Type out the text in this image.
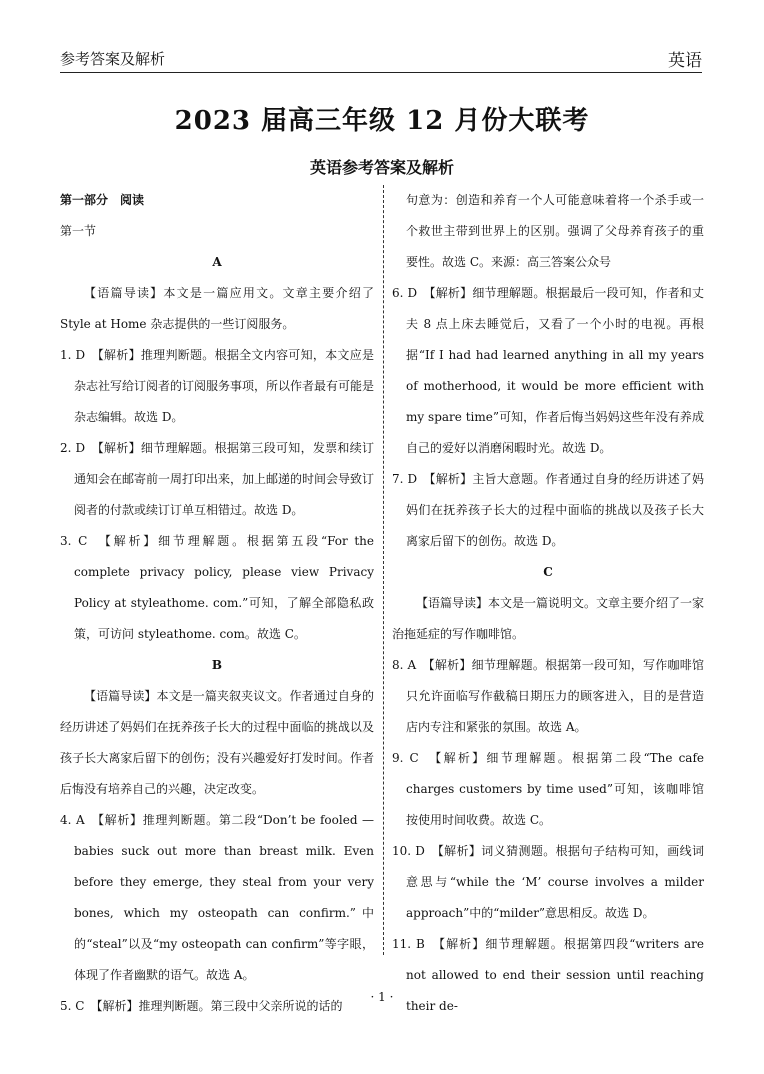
参考答案及解析	英语
2023 届高三年级 12 月份大联考
英语参考答案及解析

第一部分　阅读

第一节

A

【语篇导读】本文是一篇应用文。文章主要介绍了 Style at Home 杂志提供的一些订阅服务。

1. D　【解析】推理判断题。根据全文内容可知，本文应是杂志社写给订阅者的订阅服务事项，所以作者最有可能是杂志编辑。故选 D。

2. D　【解析】细节理解题。根据第三段可知，发票和续订通知会在邮寄前一周打印出来，加上邮递的时间会导致订阅者的付款或续订订单互相错过。故选 D。

3. C　【解析】细节理解题。根据第五段“For the complete privacy policy, please view Privacy Policy at styleathome. com.”可知，了解全部隐私政策，可访问 styleathome. com。故选 C。

B

【语篇导读】本文是一篇夹叙夹议文。作者通过自身的经历讲述了妈妈们在抚养孩子长大的过程中面临的挑战以及孩子长大离家后留下的创伤；没有兴趣爱好打发时间。作者后悔没有培养自己的兴趣，决定改变。

4. A　【解析】推理判断题。第二段“Don’t be fooled — babies suck out more than breast milk. Even before they emerge, they steal from your very bones, which my osteopath can confirm.”中的“steal”以及“my osteopath can confirm”等字眼，体现了作者幽默的语气。故选 A。

5. C　【解析】推理判断题。第三段中父亲所说的话的

句意为：创造和养育一个人可能意味着将一个杀手或一个救世主带到世界上的区别。强调了父母养育孩子的重要性。故选 C。来源：高三答案公众号

6. D　【解析】细节理解题。根据最后一段可知，作者和丈夫 8 点上床去睡觉后，又看了一个小时的电视。再根据“If I had had learned anything in all my years of motherhood, it would be more efficient with my spare time”可知，作者后悔当妈妈这些年没有养成自己的爱好以消磨闲暇时光。故选 D。

7. D　【解析】主旨大意题。作者通过自身的经历讲述了妈妈们在抚养孩子长大的过程中面临的挑战以及孩子长大离家后留下的创伤。故选 D。

C

【语篇导读】本文是一篇说明文。文章主要介绍了一家治拖延症的写作咖啡馆。

8. A　【解析】细节理解题。根据第一段可知，写作咖啡馆只允许面临写作截稿日期压力的顾客进入，目的是营造店内专注和紧张的氛围。故选 A。

9. C　【解析】细节理解题。根据第二段“The cafe charges customers by time used”可知，该咖啡馆按使用时间收费。故选 C。

10. D　【解析】词义猜测题。根据句子结构可知，画线词意思与“while the ‘M’ course involves a milder approach”中的“milder”意思相反。故选 D。

11. B　【解析】细节理解题。根据第四段“writers are not allowed to end their session until reaching their de-

· 1 ·
